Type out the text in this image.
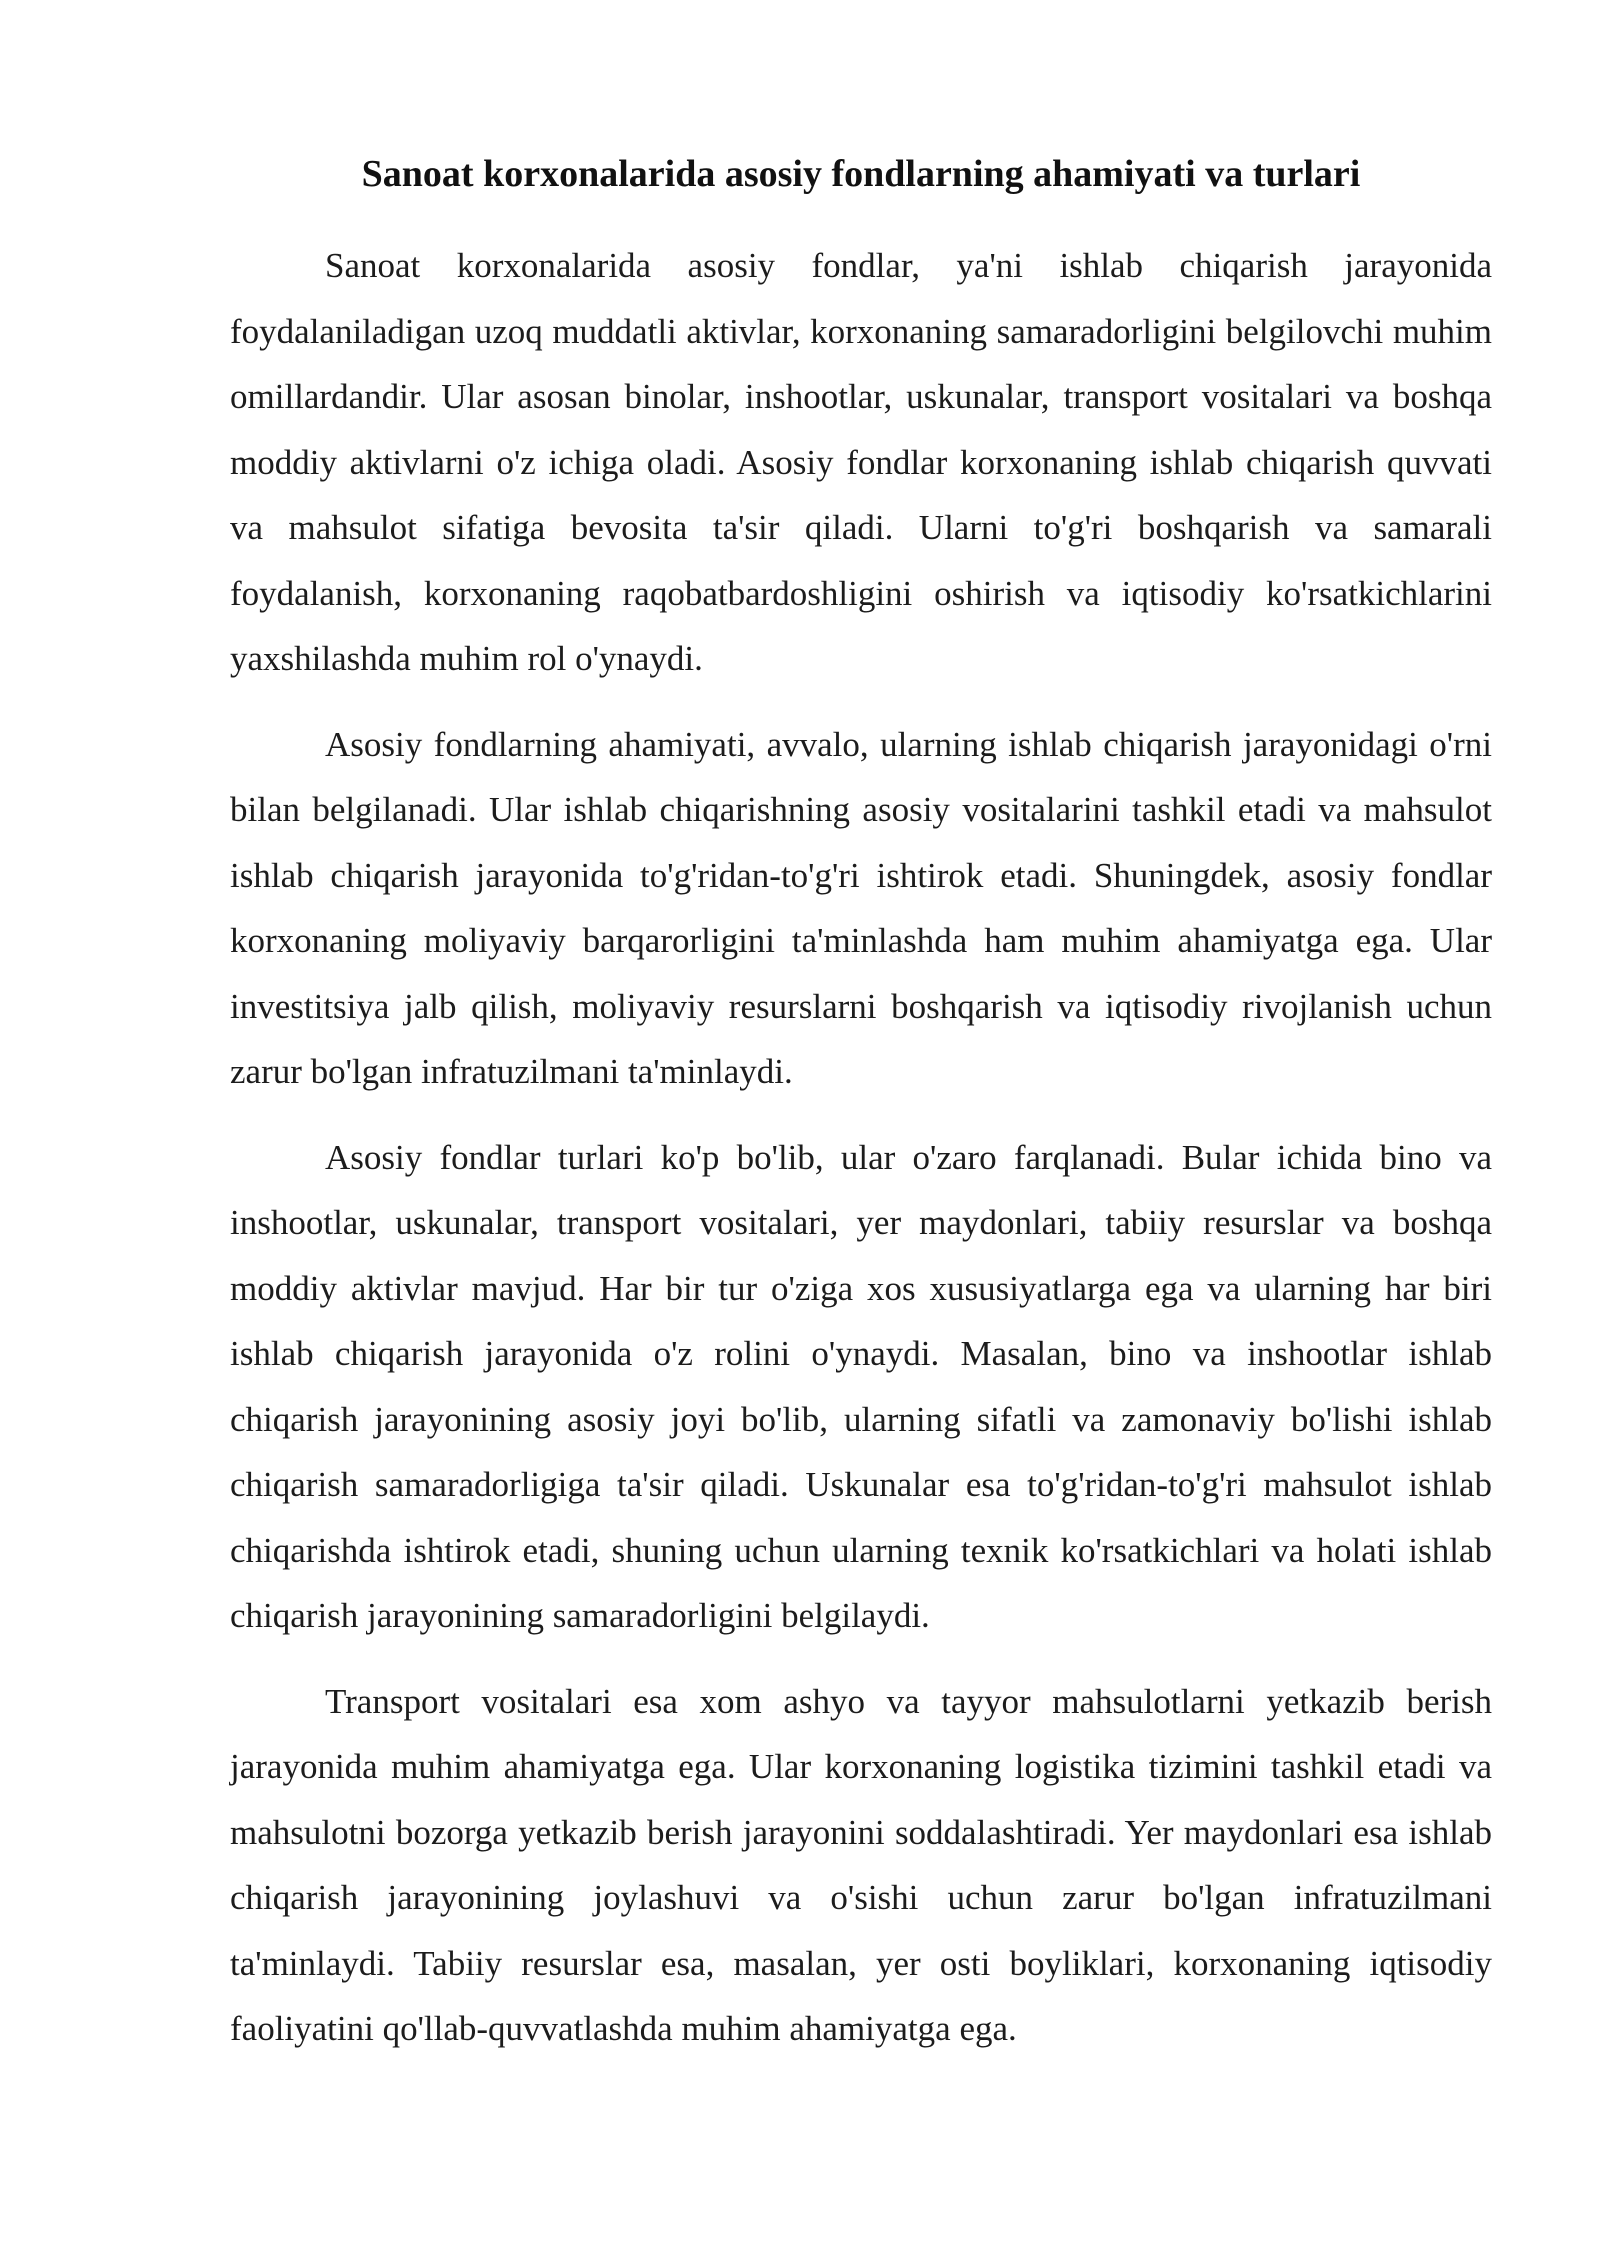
Sanoat korxonalarida asosiy fondlarning ahamiyati va turlari

Sanoat korxonalarida asosiy fondlar, ya'ni ishlab chiqarish jarayonida foydalaniladigan uzoq muddatli aktivlar, korxonaning samaradorligini belgilovchi muhim omillardandir. Ular asosan binolar, inshootlar, uskunalar, transport vositalari va boshqa moddiy aktivlarni o'z ichiga oladi. Asosiy fondlar korxonaning ishlab chiqarish quvvati va mahsulot sifatiga bevosita ta'sir qiladi. Ularni to'g'ri boshqarish va samarali foydalanish, korxonaning raqobatbardoshligini oshirish va iqtisodiy ko'rsatkichlarini yaxshilashda muhim rol o'ynaydi.

Asosiy fondlarning ahamiyati, avvalo, ularning ishlab chiqarish jarayonidagi o'rni bilan belgilanadi. Ular ishlab chiqarishning asosiy vositalarini tashkil etadi va mahsulot ishlab chiqarish jarayonida to'g'ridan-to'g'ri ishtirok etadi. Shuningdek, asosiy fondlar korxonaning moliyaviy barqarorligini ta'minlashda ham muhim ahamiyatga ega. Ular investitsiya jalb qilish, moliyaviy resurslarni boshqarish va iqtisodiy rivojlanish uchun zarur bo'lgan infratuzilmani ta'minlaydi.

Asosiy fondlar turlari ko'p bo'lib, ular o'zaro farqlanadi. Bular ichida bino va inshootlar, uskunalar, transport vositalari, yer maydonlari, tabiiy resurslar va boshqa moddiy aktivlar mavjud. Har bir tur o'ziga xos xususiyatlarga ega va ularning har biri ishlab chiqarish jarayonida o'z rolini o'ynaydi. Masalan, bino va inshootlar ishlab chiqarish jarayonining asosiy joyi bo'lib, ularning sifatli va zamonaviy bo'lishi ishlab chiqarish samaradorligiga ta'sir qiladi. Uskunalar esa to'g'ridan-to'g'ri mahsulot ishlab chiqarishda ishtirok etadi, shuning uchun ularning texnik ko'rsatkichlari va holati ishlab chiqarish jarayonining samaradorligini belgilaydi.

Transport vositalari esa xom ashyo va tayyor mahsulotlarni yetkazib berish jarayonida muhim ahamiyatga ega. Ular korxonaning logistika tizimini tashkil etadi va mahsulotni bozorga yetkazib berish jarayonini soddalashtiradi. Yer maydonlari esa ishlab chiqarish jarayonining joylashuvi va o'sishi uchun zarur bo'lgan infratuzilmani ta'minlaydi. Tabiiy resurslar esa, masalan, yer osti boyliklari, korxonaning iqtisodiy faoliyatini qo'llab-quvvatlashda muhim ahamiyatga ega.
